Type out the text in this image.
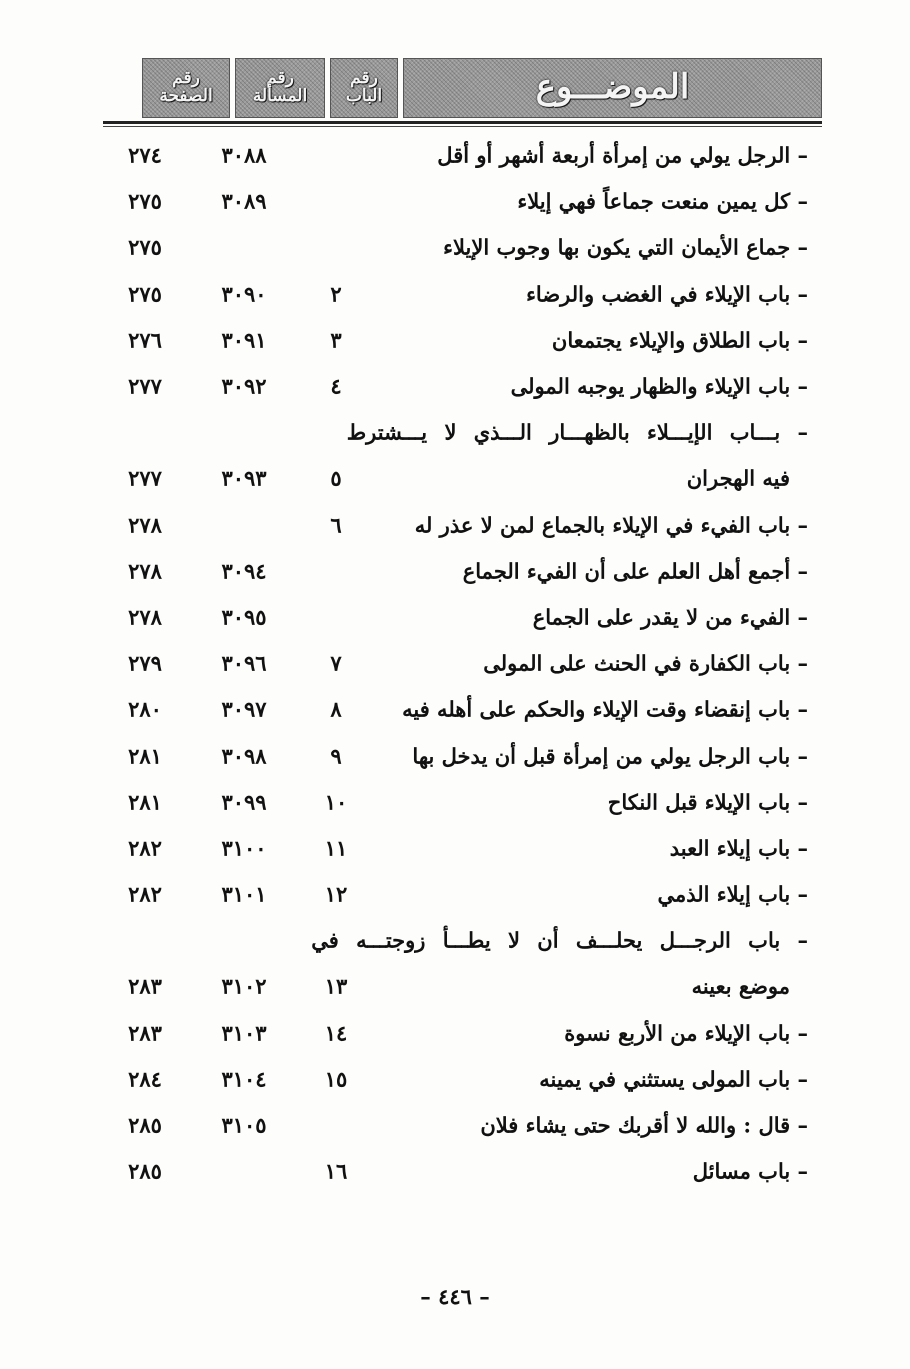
الموضـــوع
رقم
الباب
رقم
المسألة
رقم
الصفحة
– الرجل يولي من إمرأة أربعة أشهر أو أقل
٣٠٨٨
٢٧٤
– كل يمين منعت جماعاً فهي إيلاء
٣٠٨٩
٢٧٥
– جماع الأيمان التي يكون بها وجوب الإيلاء
٢٧٥
– باب الإيلاء في الغضب والرضاء
٢
٣٠٩٠
٢٧٥
– باب الطلاق والإيلاء يجتمعان
٣
٣٠٩١
٢٧٦
– باب الإيلاء والظهار يوجبه المولى
٤
٣٠٩٢
٢٧٧
– بـــاب الإيـــلاء بالظهـــار الـــذي لا يـــشترط
فيه الهجران
٥
٣٠٩٣
٢٧٧
– باب الفيء في الإيلاء بالجماع لمن لا عذر له
٦
٢٧٨
– أجمع أهل العلم على أن الفيء الجماع
٣٠٩٤
٢٧٨
– الفيء من لا يقدر على الجماع
٣٠٩٥
٢٧٨
– باب الكفارة في الحنث على المولى
٧
٣٠٩٦
٢٧٩
– باب إنقضاء وقت الإيلاء والحكم على أهله فيه
٨
٣٠٩٧
٢٨٠
– باب الرجل يولي من إمرأة قبل أن يدخل بها
٩
٣٠٩٨
٢٨١
– باب الإيلاء قبل النكاح
١٠
٣٠٩٩
٢٨١
– باب إيلاء العبد
١١
٣١٠٠
٢٨٢
– باب إيلاء الذمي
١٢
٣١٠١
٢٨٢
– باب الرجـــل يحلـــف أن لا يطـــأ زوجتـــه في
موضع بعينه
١٣
٣١٠٢
٢٨٣
– باب الإيلاء من الأربع نسوة
١٤
٣١٠٣
٢٨٣
– باب المولى يستثني في يمينه
١٥
٣١٠٤
٢٨٤
– قال : والله لا أقربك حتى يشاء فلان
٣١٠٥
٢٨٥
– باب مسائل
١٦
٢٨٥
– ٤٤٦ –
